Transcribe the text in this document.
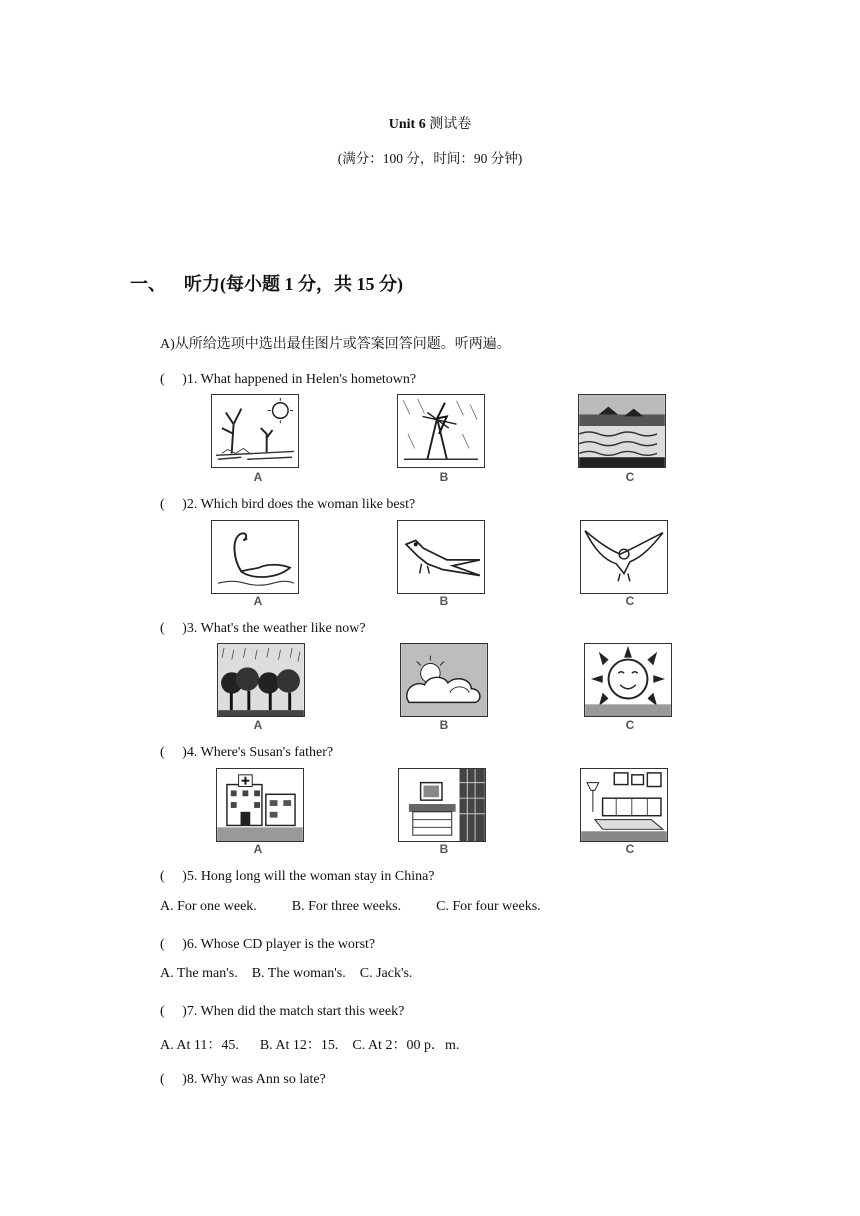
Unit 6 测试卷
(满分：100 分，时间：90 分钟)
一、 听力(每小题 1 分，共 15 分)
A)从所给选项中选出最佳图片或答案回答问题。听两遍。
(　 )1. What happened in Helen's hometown?
A	B	C
(　 )2. Which bird does the woman like best?
A	B	C
(　 )3. What's the weather like now?
A	B	C
(　 )4. Where's Susan's father?
A	B	C
(　 )5. Hong long will the woman stay in China?
A. For one week.          B. For three weeks.          C. For four weeks.
(　 )6. Whose CD player is the worst?
A. The man's.    B. The woman's.    C. Jack's.
(　 )7. When did the match start this week?
A. At 11：45.      B. At 12：15.    C. At 2：00 p．m.
(　 )8. Why was Ann so late?
